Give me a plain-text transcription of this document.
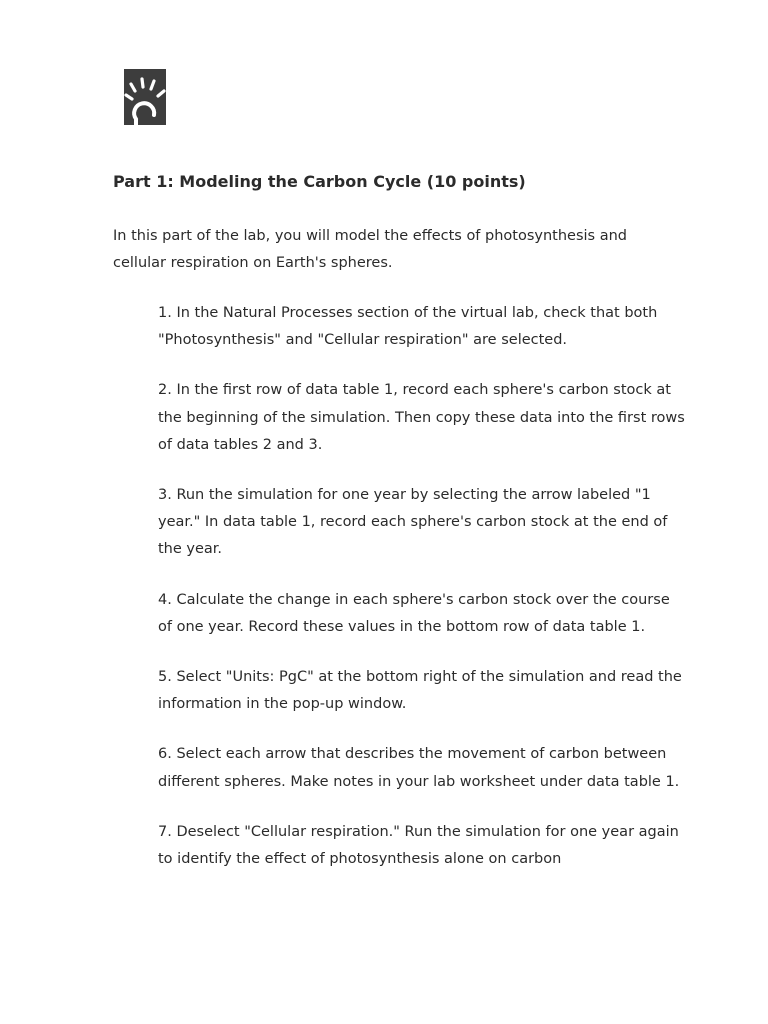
Part 1: Modeling the Carbon Cycle (10 points)

In this part of the lab, you will model the effects of photosynthesis and cellular respiration on Earth's spheres.

1. In the Natural Processes section of the virtual lab, check that both "Photosynthesis" and "Cellular respiration" are selected.
2. In the first row of data table 1, record each sphere's carbon stock at the beginning of the simulation. Then copy these data into the first rows of data tables 2 and 3.
3. Run the simulation for one year by selecting the arrow labeled "1 year." In data table 1, record each sphere's carbon stock at the end of the year.
4. Calculate the change in each sphere's carbon stock over the course of one year. Record these values in the bottom row of data table 1.
5. Select "Units: PgC" at the bottom right of the simulation and read the information in the pop-up window.
6. Select each arrow that describes the movement of carbon between different spheres. Make notes in your lab worksheet under data table 1.
7. Deselect "Cellular respiration." Run the simulation for one year again to identify the effect of photosynthesis alone on carbon
